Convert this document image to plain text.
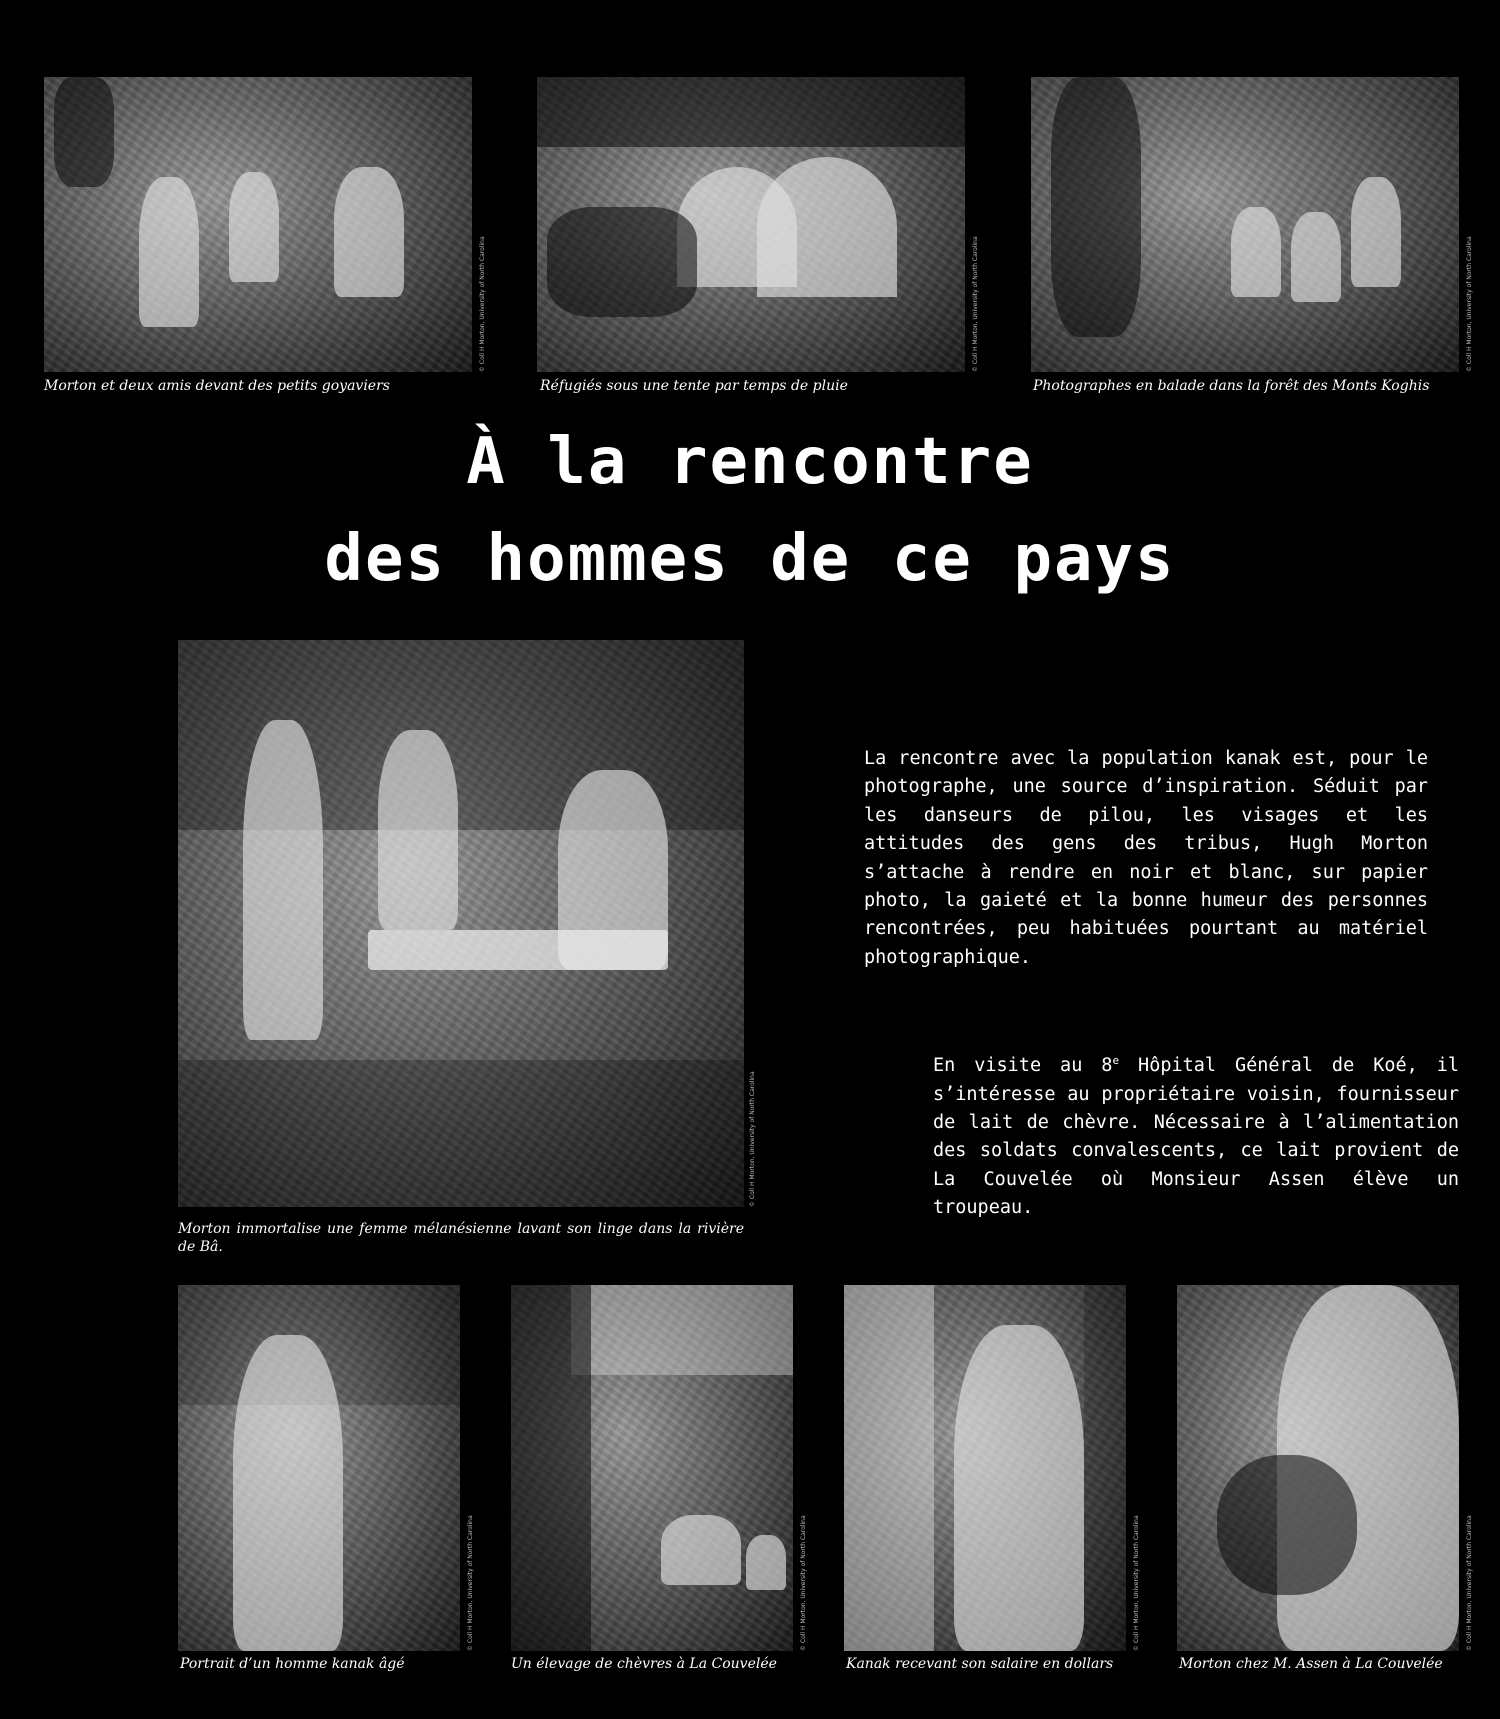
© Coll H Morton, University of North Carolina
Morton et deux amis devant des petits goyaviers
© Coll H Morton, University of North Carolina
Réfugiés sous une tente par temps de pluie
© Coll H Morton, University of North Carolina
Photographes en balade dans la forêt des Monts Koghis
À la rencontre
des hommes de ce pays
© Coll H Morton, University of North Carolina
Morton immortalise une femme mélanésienne lavant son linge dans la rivière de Bâ.
La rencontre avec la population kanak est, pour le photographe, une source d’inspiration. Séduit par les danseurs de pilou, les visages et les attitudes des gens des tribus, Hugh Morton s’attache à rendre en noir et blanc, sur papier photo, la gaieté et la bonne humeur des personnes rencontrées, peu habituées pourtant au matériel photographique.
En visite au 8e Hôpital Général de Koé, il s’intéresse au propriétaire voisin, fournisseur de lait de chèvre. Nécessaire à l’alimentation des soldats convalescents, ce lait provient de La Couvelée où Monsieur Assen élève un troupeau.
© Coll H Morton, University of North Carolina
Portrait d’un homme kanak âgé
© Coll H Morton, University of North Carolina
Un élevage de chèvres à La Couvelée
© Coll H Morton, University of North Carolina
Kanak recevant son salaire en dollars
© Coll H Morton, University of North Carolina
Morton chez M. Assen à La Couvelée
